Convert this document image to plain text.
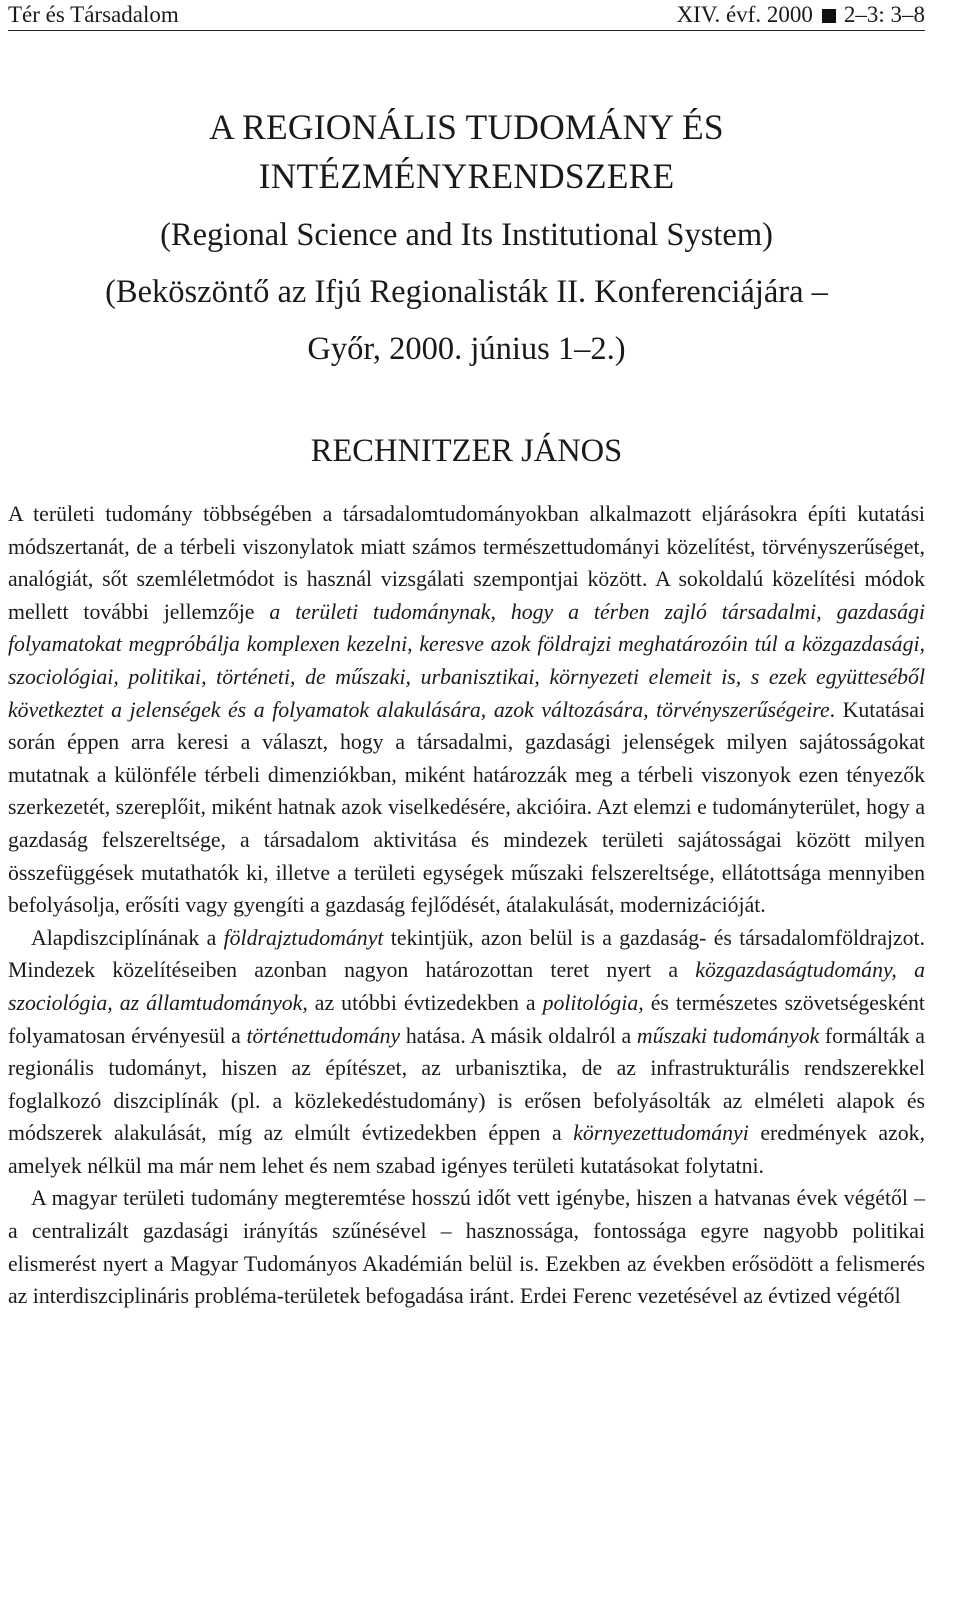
Tér és Társadalom	XIV. évf. 2000 2–3: 3–8
A REGIONÁLIS TUDOMÁNY ÉS
INTÉZMÉNYRENDSZERE

(Regional Science and Its Institutional System)

(Beköszöntő az Ifjú Regionalisták II. Konferenciájára –

Győr, 2000. június 1–2.)

RECHNITZER JÁNOS

A területi tudomány többségében a társadalomtudományokban alkalmazott eljárásokra építi kutatási módszertanát, de a térbeli viszonylatok miatt számos természettudományi közelítést, törvényszerűséget, analógiát, sőt szemléletmódot is használ vizsgálati szempontjai között. A sokoldalú közelítési módok mellett további jellemzője a területi tudománynak, hogy a térben zajló társadalmi, gazdasági folyamatokat megpróbálja komplexen kezelni, keresve azok földrajzi meghatározóin túl a közgazdasági, szociológiai, politikai, történeti, de műszaki, urbanisztikai, környezeti elemeit is, s ezek együtteséből következtet a jelenségek és a folyamatok alakulására, azok változására, törvényszerűségeire. Kutatásai során éppen arra keresi a választ, hogy a társadalmi, gazdasági jelenségek milyen sajátosságokat mutatnak a különféle térbeli dimenziókban, miként határozzák meg a térbeli viszonyok ezen tényezők szerkezetét, szereplőit, miként hatnak azok viselkedésére, akcióira. Azt elemzi e tudományterület, hogy a gazdaság felszereltsége, a társadalom aktivitása és mindezek területi sajátosságai között milyen összefüggések mutathatók ki, illetve a területi egységek műszaki felszereltsége, ellátottsága mennyiben befolyásolja, erősíti vagy gyengíti a gazdaság fejlődését, átalakulását, modernizációját.

Alapdiszciplínának a földrajztudományt tekintjük, azon belül is a gazdaság- és társadalomföldrajzot. Mindezek közelítéseiben azonban nagyon határozottan teret nyert a közgazdaságtudomány, a szociológia, az államtudományok, az utóbbi évtizedekben a politológia, és természetes szövetségesként folyamatosan érvényesül a történettudomány hatása. A másik oldalról a műszaki tudományok formálták a regionális tudományt, hiszen az építészet, az urbanisztika, de az infrastrukturális rendszerekkel foglalkozó diszciplínák (pl. a közlekedéstudomány) is erősen befolyásolták az elméleti alapok és módszerek alakulását, míg az elmúlt évtizedekben éppen a környezettudományi eredmények azok, amelyek nélkül ma már nem lehet és nem szabad igényes területi kutatásokat folytatni.

A magyar területi tudomány megteremtése hosszú időt vett igénybe, hiszen a hatvanas évek végétől – a centralizált gazdasági irányítás szűnésével – hasznossága, fontossága egyre nagyobb politikai elismerést nyert a Magyar Tudományos Akadémián belül is. Ezekben az években erősödött a felismerés az interdiszciplináris probléma-területek befogadása iránt. Erdei Ferenc vezetésével az évtized végétől
